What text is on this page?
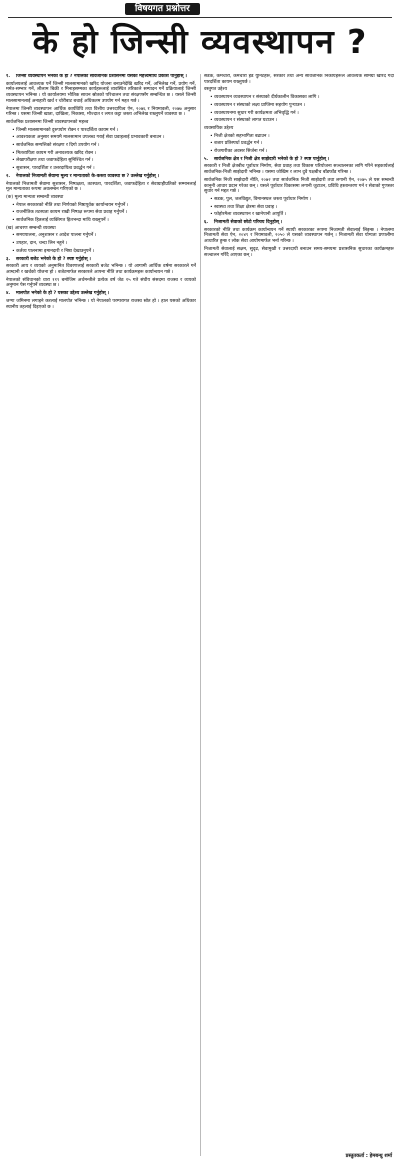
विषयगत प्रश्नोत्तर
के हो जिन्सी व्यवस्थापन ?

१. जिन्सी व्यवस्थापन भनेको के हो ? नेपालको सार्वजनिक प्रशासनमा यसको महत्त्वमाथि प्रकाश पार्नुहोस् ।

कार्यालयलाई आवश्यक पर्ने जिन्सी मालसामानको खरिद योजना बनाउनेदेखि खरिद गर्ने, अभिलेख गर्ने, प्रयोग गर्ने, मर्मत-सम्भार गर्ने, लीलाम बिक्री र मिनाहसम्मका कार्यहरूलाई व्यवस्थित तरिकाले सम्पादन गर्ने प्रक्रियालाई जिन्सी व्यवस्थापन भनिन्छ । यो कार्यालयमा भौतिक साधन स्रोतको परिचालन तथा संरक्षणसँग सम्बन्धित छ । यसले जिन्सी मालसामानलाई अनाहारी खर्च र चोरीबाट बचाई अधिकतम उपयोग गर्न मद्दत गर्छ ।

नेपालमा जिन्सी व्यवस्थापन आर्थिक कार्यविधि तथा वित्तीय उत्तरदायित्व ऐन, २०७६ र नियमावली, २०७७ अनुसार गरिन्छ । यसमा जिन्सी खाता, दाखिला, निकासा, मौज्दात र लगत कट्टा जस्ता अभिलेख राख्नुपर्ने व्यवस्था छ ।

सार्वजनिक प्रशासनमा जिन्सी व्यवस्थापनको महत्त्व

• जिन्सी मालसामानको दुरुपयोग रोक्न र पारदर्शिता कायम गर्न ।

• आवश्यकता अनुसार समयमै मालसामान उपलब्ध गराई सेवा प्रवाहलाई प्रभावकारी बनाउन ।

• सार्वजनिक सम्पत्तिको संरक्षण र दिगो उपयोग गर्न ।

• मितव्ययिता कायम गरी अनावश्यक खरिद रोक्न ।

• लेखापरीक्षण तथा जवाफदेहिता सुनिश्चित गर्न ।

• सुशासन, पारदर्शिता र उत्तरदायित्व प्रवर्द्धन गर्न ।

२. नेपालको निजामती सेवामा मूल्य र मान्यताको के-कस्ता व्यवस्था छ ? उल्लेख गर्नुहोस् ।

नेपालको निजामती सेवामा सुशासन, निष्पक्षता, तटस्थता, पारदर्शिता, जवाफदेहिता र सेवाग्राहीप्रतिको सम्मानलाई मूल मान्यताका रूपमा अवलम्बन गरिएको छ ।

(क) मूल्य मान्यता सम्बन्धी व्यवस्था

• नेपाल सरकारको नीति तथा निर्णयको निष्ठापूर्वक कार्यान्वयन गर्नुपर्ने ।

• राजनीतिक तटस्थता कायम राखी निष्पक्ष रूपमा सेवा प्रवाह गर्नुपर्ने ।

• सार्वजनिक हितलाई व्यक्तिगत हितभन्दा माथि राख्नुपर्ने ।

(ख) आचरण सम्बन्धी व्यवस्था

• समयपालना, अनुशासन र आदेश पालना गर्नुपर्ने ।

• उपहार, दान, चन्दा लिन नहुने ।

• कर्तव्य पालनामा इमानदारी र निष्ठा देखाउनुपर्ने ।

३. सरकारी बजेट भनेको के हो ? स्पष्ट गर्नुहोस् ।

सरकारी आय र व्ययको अनुमानित विवरणलाई सरकारी बजेट भनिन्छ । यो आगामी आर्थिक वर्षमा सरकारले गर्ने आम्दानी र खर्चको योजना हो । बजेटमार्फत सरकारले आफ्ना नीति तथा कार्यक्रमहरू कार्यान्वयन गर्छ ।

नेपालको संविधानको धारा ११९ बमोजिम अर्थमन्त्रीले प्रत्येक वर्ष जेठ १५ गते संघीय संसदमा राजस्व र व्ययको अनुमान पेस गर्नुपर्ने व्यवस्था छ ।

४. मालपोत भनेको के हो ? यसका उद्देश्य उल्लेख गर्नुहोस् ।

जग्गा जमिनमा लगाइने करलाई मालपोत भनिन्छ । यो नेपालको परम्परागत राजस्व स्रोत हो । हाल यसको अधिकार स्थानीय तहलाई दिइएको छ ।

सडक, कर्मचारी, कर्मचारी हेड युनिटहरू, सरकार तथा अन्य सार्वजनिक निकायहरूले आवश्यक सामग्री खरिद गर्दा पारदर्शिता कायम राख्नुपर्छ ।

वस्तुगत उद्देश्य

• व्यवस्थापन व्यवस्थापन र संस्थाको दीर्घकालीन विकासका लागि ।

• व्यवस्थापन र संस्थाको लक्ष्य प्राप्तिमा सहयोग पुर्‍याउन ।

• व्यवस्थापनमा सुधार गरी कार्यक्षमता अभिवृद्धि गर्न ।

• व्यवस्थापन र संस्थाको लागत घटाउन ।

व्यवसायिक उद्देश्य

• निजी क्षेत्रको सहभागिता बढाउन ।

• बजार प्रतिस्पर्धा प्रवर्द्धन गर्न ।

• रोजगारीका अवसर सिर्जना गर्न ।

५. सार्वजनिक क्षेत्र र निजी क्षेत्र साझेदारी भनेको के हो ? स्पष्ट पार्नुहोस् ।

सरकारी र निजी क्षेत्रबीच पूर्वाधार निर्माण, सेवा प्रवाह तथा विकास परियोजना सञ्चालनका लागि गरिने सहकार्यलाई सार्वजनिक-निजी साझेदारी भनिन्छ । यसमा जोखिम र लाभ दुवै पक्षबीच बाँडफाँड गरिन्छ ।

सार्वजनिक निजी साझेदारी नीति, २०७२ तथा सार्वजनिक निजी साझेदारी तथा लगानी ऐन, २०७५ ले यस सम्बन्धी कानूनी आधार प्रदान गरेका छन् । यसले पूर्वाधार विकासमा लगानी जुटाउन, प्रविधि हस्तान्तरण गर्न र सेवाको गुणस्तर सुधार गर्न मद्दत गर्छ ।

• सडक, पुल, जलविद्युत, विमानस्थल जस्ता पूर्वाधार निर्माण ।

• स्वास्थ्य तथा शिक्षा क्षेत्रमा सेवा प्रवाह ।

• फोहोरमैला व्यवस्थापन र खानेपानी आपूर्ति ।

६. निजामती सेवाको छोटो परिचय दिनुहोस् ।

सरकारको नीति तथा कार्यक्रम कार्यान्वयन गर्ने स्थायी सरकारका रूपमा निजामती सेवालाई लिइन्छ । नेपालमा निजामती सेवा ऐन, २०४९ र नियमावली, २०५० ले यसको व्यवस्थापन गर्छन् । निजामती सेवा योग्यता प्रणालीमा आधारित हुन्छ र लोक सेवा आयोगमार्फत भर्ना गरिन्छ ।

निजामती सेवालाई सक्षम, सुदृढ, सेवामुखी र उत्तरदायी बनाउन समय-समयमा प्रशासनिक सुधारका कार्यक्रमहरू सञ्चालन गरिँदै आएका छन् ।

प्रस्तुतकर्ता : हेमबन्धु शर्मा
